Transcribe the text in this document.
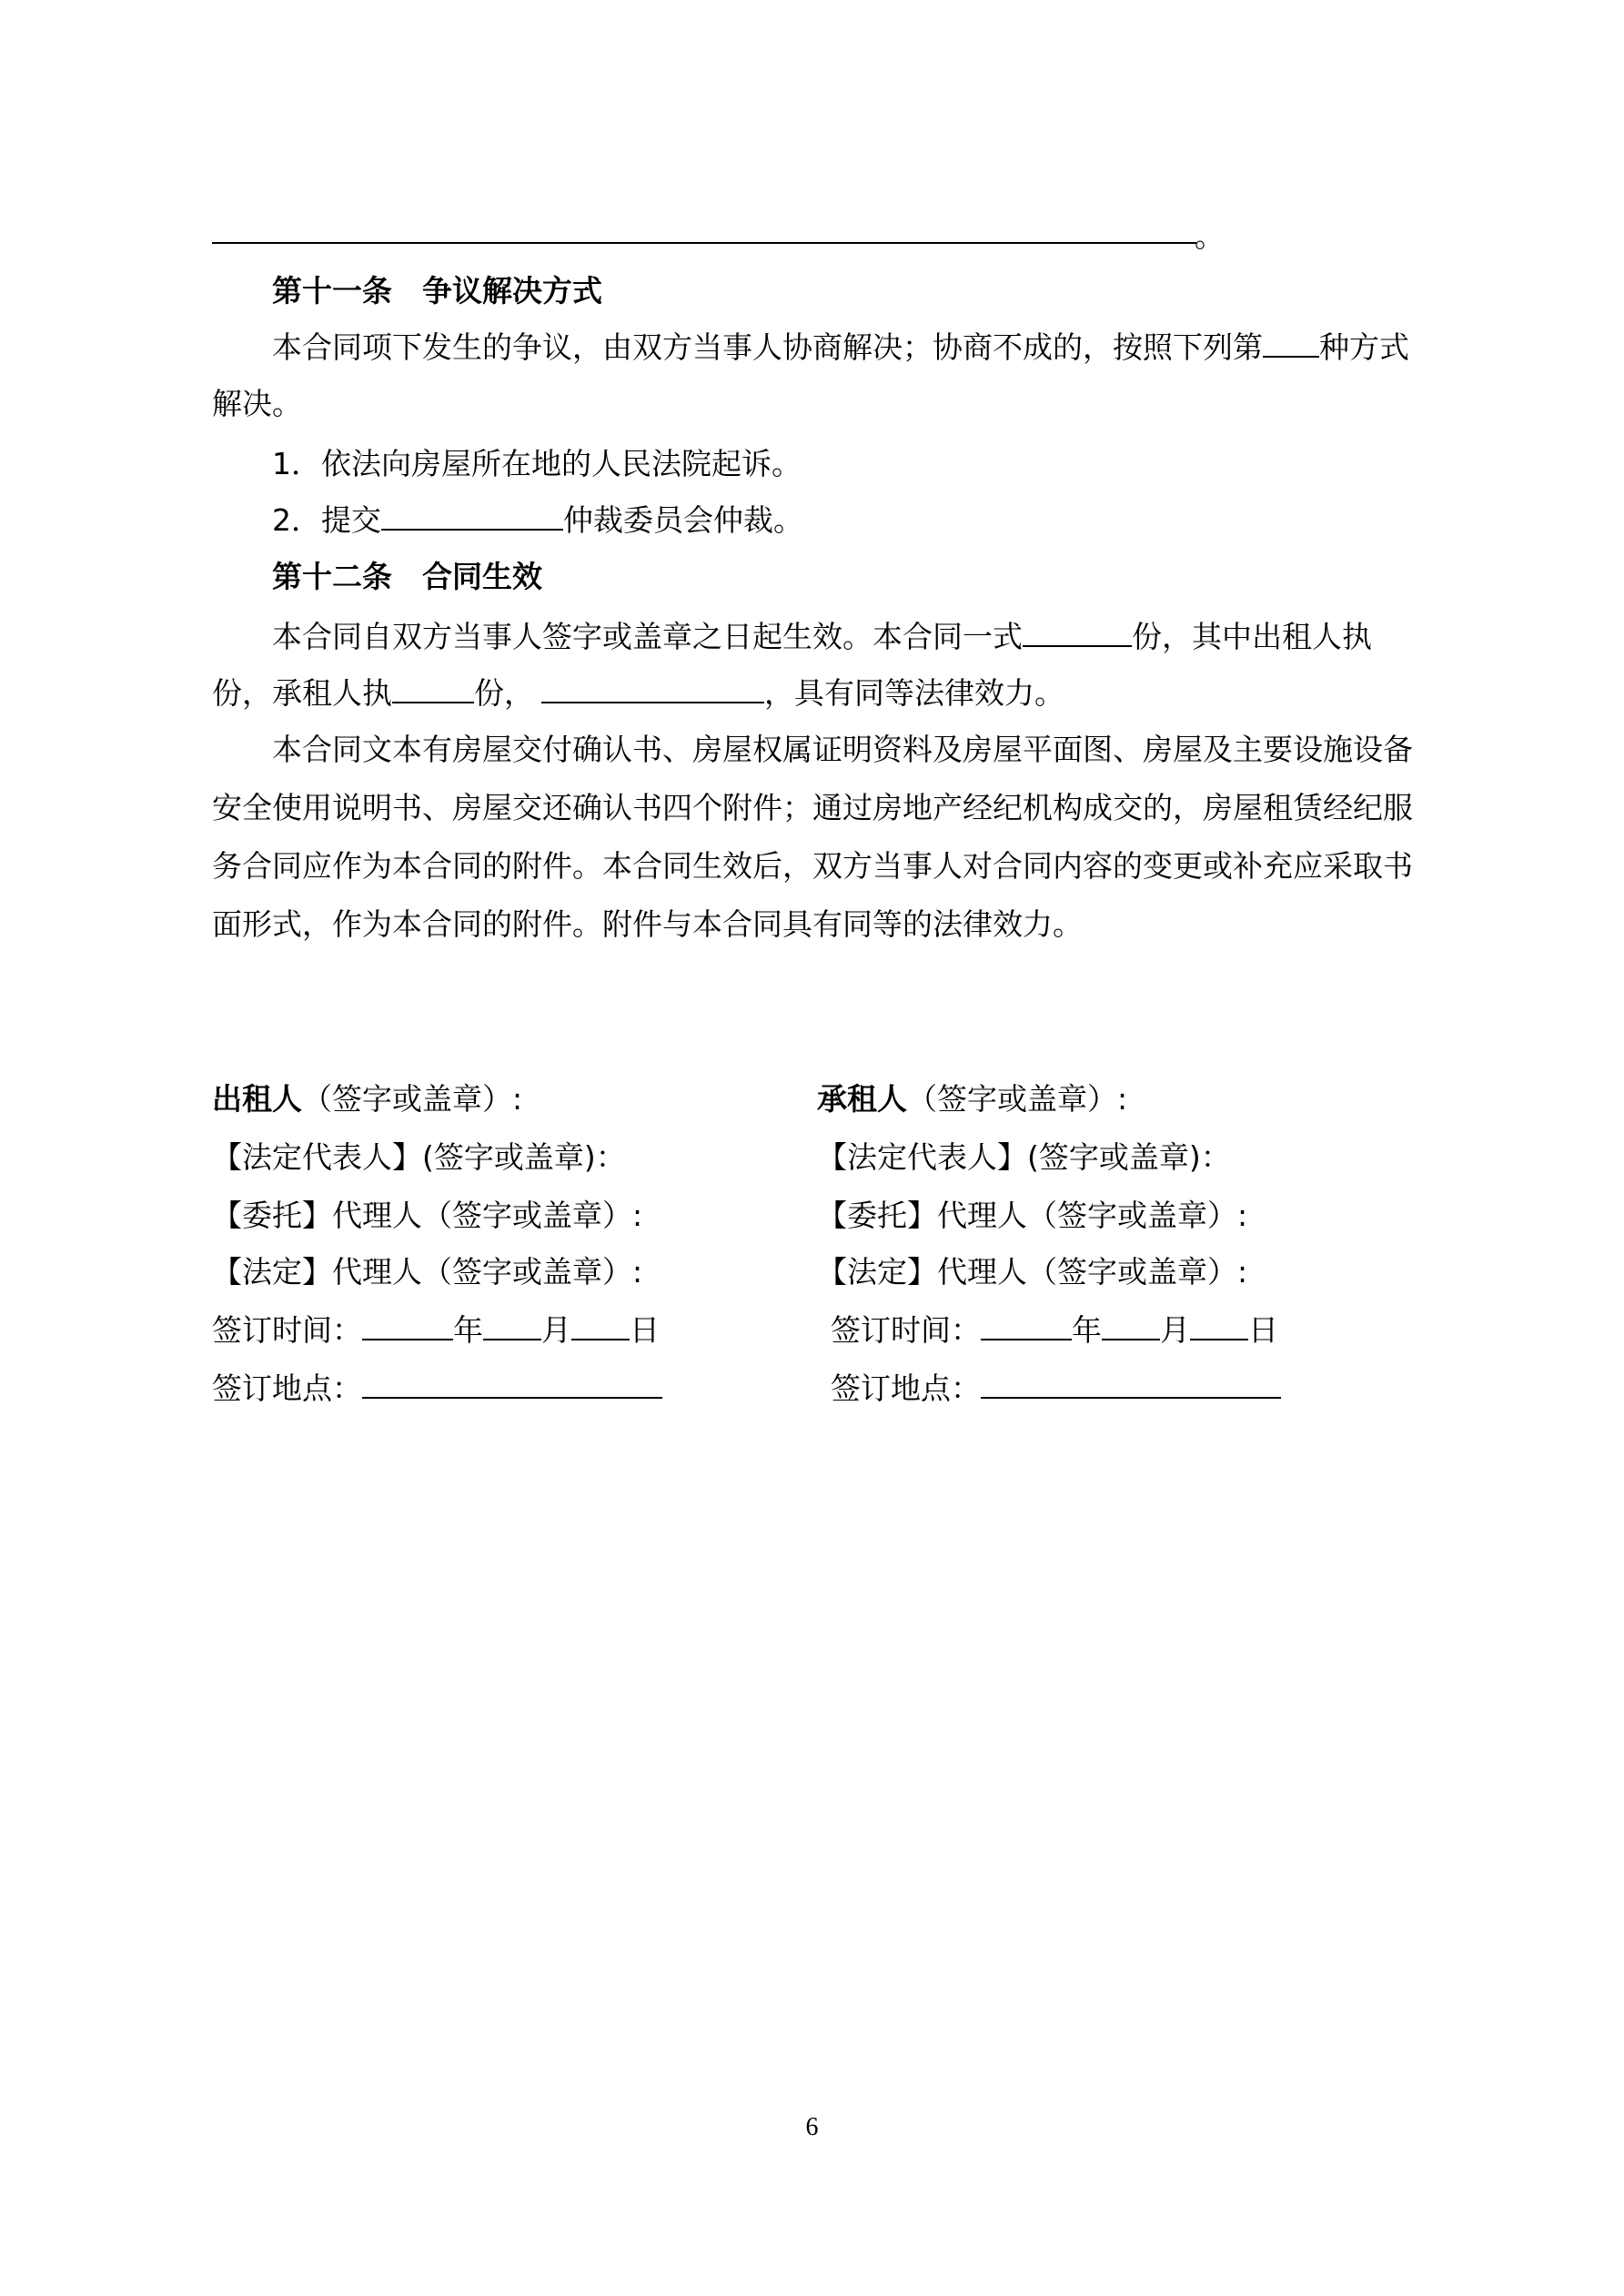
。
第十一条　争议解决方式
本合同项下发生的争议，由双方当事人协商解决；协商不成的，按照下列第 种方式
解决。
1．依法向房屋所在地的人民法院起诉。
2．提交	仲裁委员会仲裁。
第十二条　合同生效
本合同自双方当事人签字或盖章之日起生效。本合同一式	份，其中出租人执
份，承租人执	份，	，具有同等法律效力。
本合同文本有房屋交付确认书、房屋权属证明资料及房屋平面图、房屋及主要设施设备
安全使用说明书、房屋交还确认书四个附件；通过房地产经纪机构成交的，房屋租赁经纪服
务合同应作为本合同的附件。本合同生效后，双方当事人对合同内容的变更或补充应采取书
面形式，作为本合同的附件。附件与本合同具有同等的法律效力。
出租人（签字或盖章）:
【法定代表人】(签字或盖章)：
【委托】代理人（签字或盖章）:
【法定】代理人（签字或盖章）:
签订时间：	年 月 日
签订地点：
承租人（签字或盖章）:
【法定代表人】(签字或盖章)：
【委托】代理人（签字或盖章）:
【法定】代理人（签字或盖章）:
签订时间：	年 月 日
签订地点：
6
